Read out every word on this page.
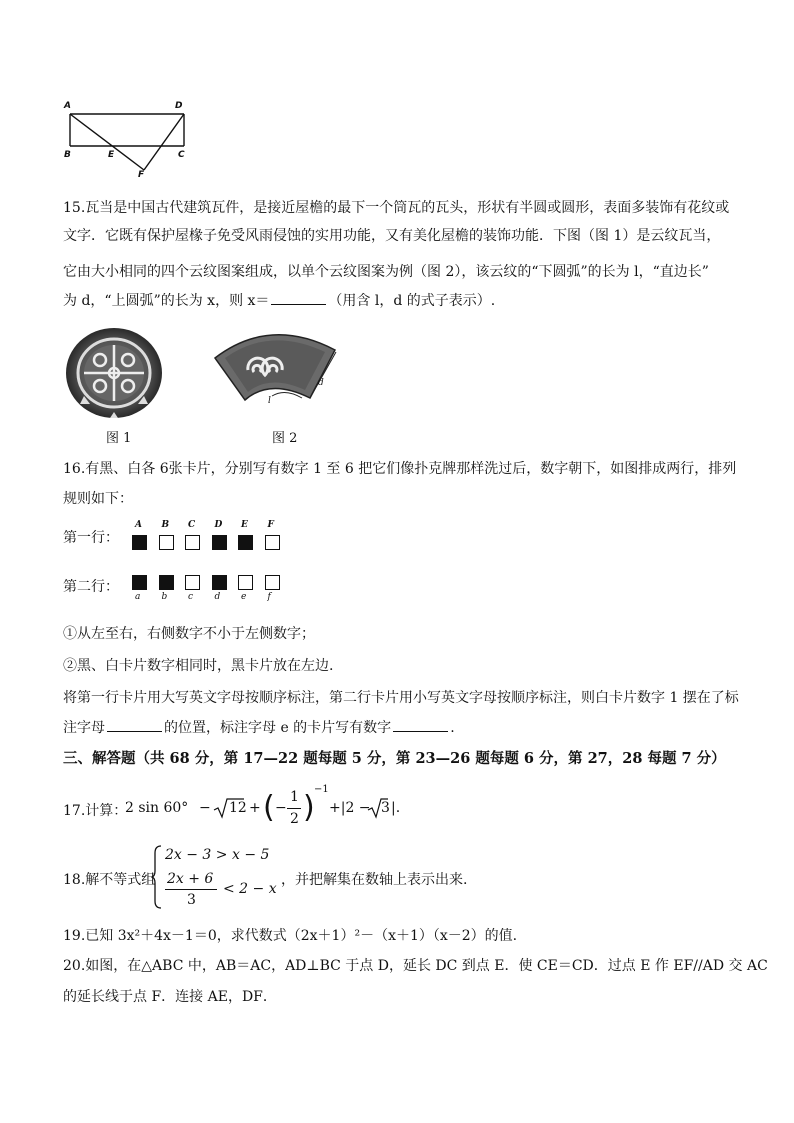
A	D
B	E	C
F
15.瓦当是中国古代建筑瓦件，是接近屋檐的最下一个筒瓦的瓦头，形状有半圆或圆形，表面多装饰有花纹或
文字．它既有保护屋椽子免受风雨侵蚀的实用功能，又有美化屋檐的装饰功能．下图（图 1）是云纹瓦当，
它由大小相同的四个云纹图案组成，以单个云纹图案为例（图 2），该云纹的“下圆弧”的长为 l，“直边长”
为 d，“上圆弧”的长为 x，则 x＝	（用含 l，d 的式子表示）.
图 1
d
l
图 2
16.有黑、白各 6张卡片，分别写有数字 1 至 6 把它们像扑克牌那样洗过后，数字朝下，如图排成两行，排列
规则如下：
第一行：
A B C D E F
第二行：
a b c d e f
①从左至右，右侧数字不小于左侧数字；
②黑、白卡片数字相同时，黑卡片放在左边.
将第一行卡片用大写英文字母按顺序标注，第二行卡片用小写英文字母按顺序标注，则白卡片数字 1 摆在了标
注字母	的位置，标注字母 e 的卡片写有数字	.
三、解答题（共 68 分，第 17—22 题每题 5 分，第 23—26 题每题 6 分，第 27，28 每题 7 分）
17.计算：
2 sin 60° − 12 + ( −
1
2 )
−1
+|2 − 3 |.
18.解不等式组
2x − 3 > x − 5
2x + 6
3
< 2 − x
，并把解集在数轴上表示出来.
19.已知 3x²＋4x－1＝0，求代数式（2x＋1）²－（x＋1）（x－2）的值.
20.如图，在△ABC 中，AB＝AC，AD⊥BC 于点 D，延长 DC 到点 E．使 CE＝CD．过点 E 作 EF//AD 交 AC
的延长线于点 F．连接 AE，DF．
